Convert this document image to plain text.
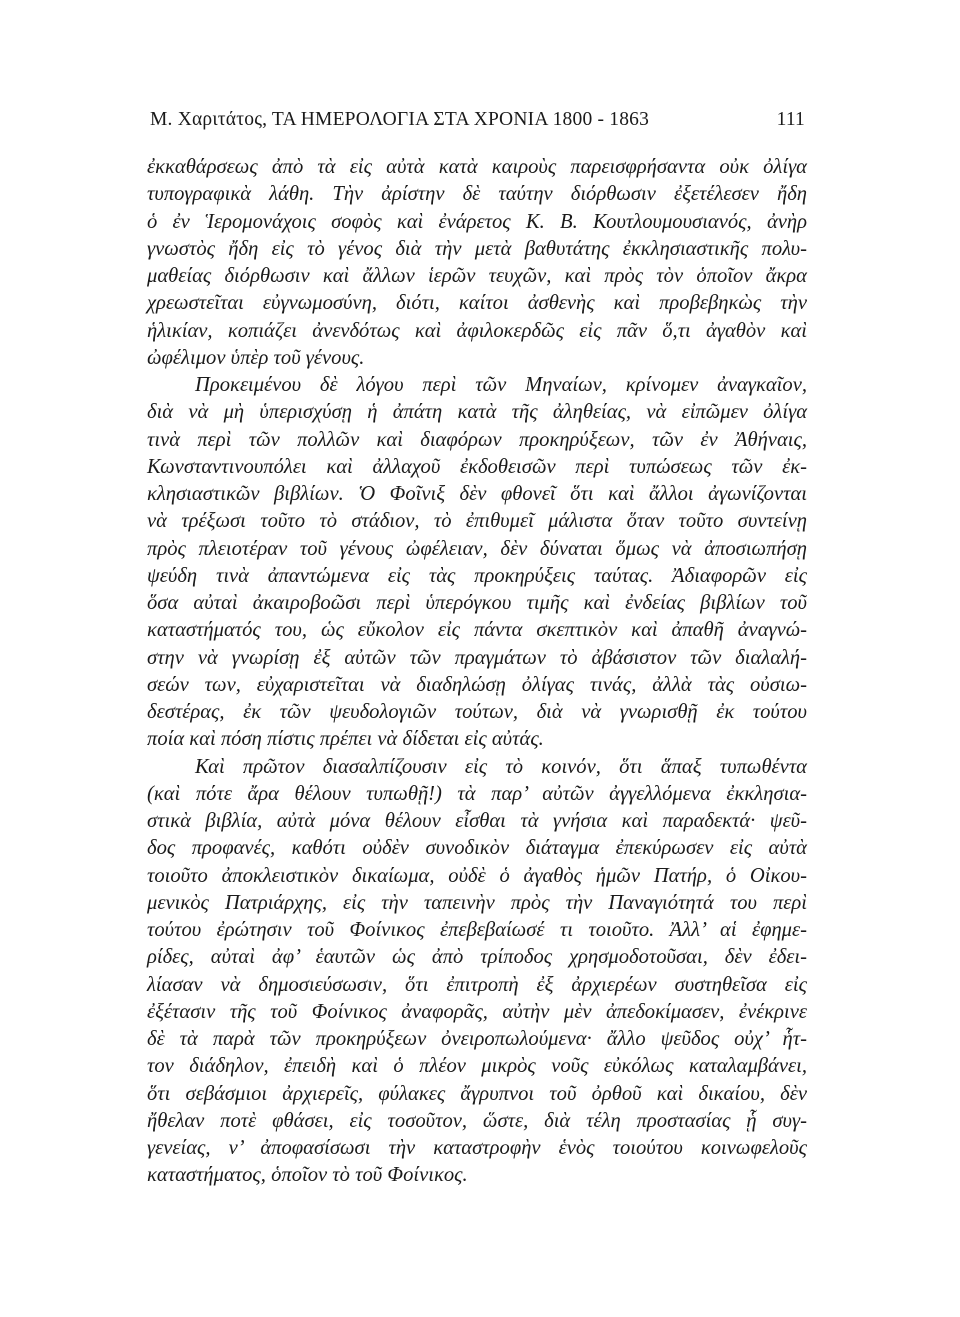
Μ. Χαριτάτος, ΤΑ ΗΜΕΡΟΛΟΓΙΑ ΣΤΑ ΧΡΟΝΙΑ 1800 - 1863	111
ἐκκαθάρσεως ἀπὸ τὰ εἰς αὐτὰ κατὰ καιροὺς παρεισφρήσαντα οὐκ ὀλίγα
τυπογραφικὰ λάθη. Τὴν ἀρίστην δὲ ταύτην διόρθωσιν ἐξετέλεσεν ἤδη
ὁ ἐν Ἱερομονάχοις σοφὸς καὶ ἐνάρετος Κ. Β. Κουτλουμουσιανός, ἀνὴρ
γνωστὸς ἤδη εἰς τὸ γένος διὰ τὴν μετὰ βαθυτάτης ἐκκλησιαστικῆς πολυ-
μαθείας διόρθωσιν καὶ ἄλλων ἱερῶν τευχῶν, καὶ πρὸς τὸν ὁποῖον ἄκρα
χρεωστεῖται εὐγνωμοσύνη, διότι, καίτοι ἀσθενὴς καὶ προβεβηκὼς τὴν
ἡλικίαν, κοπιάζει ἀνενδότως καὶ ἀφιλοκερδῶς εἰς πᾶν ὅ,τι ἀγαθὸν καὶ
ὠφέλιμον ὑπὲρ τοῦ γένους.
Προκειμένου δὲ λόγου περὶ τῶν Μηναίων, κρίνομεν ἀναγκαῖον,
διὰ νὰ μὴ ὑπερισχύσῃ ἡ ἀπάτη κατὰ τῆς ἀληθείας, νὰ εἰπῶμεν ὀλίγα
τινὰ περὶ τῶν πολλῶν καὶ διαφόρων προκηρύξεων, τῶν ἐν Ἀθήναις,
Κωνσταντινουπόλει καὶ ἀλλαχοῦ ἐκδοθεισῶν περὶ τυπώσεως τῶν ἐκ-
κλησιαστικῶν βιβλίων. Ὁ Φοῖνιξ δὲν φθονεῖ ὅτι καὶ ἄλλοι ἀγωνίζονται
νὰ τρέξωσι τοῦτο τὸ στάδιον, τὸ ἐπιθυμεῖ μάλιστα ὅταν τοῦτο συντείνῃ
πρὸς πλειοτέραν τοῦ γένους ὠφέλειαν, δὲν δύναται ὅμως νὰ ἀποσιωπήσῃ
ψεύδη τινὰ ἀπαντώμενα εἰς τὰς προκηρύξεις ταύτας. Ἀδιαφορῶν εἰς
ὅσα αὐταὶ ἀκαιροβοῶσι περὶ ὑπερόγκου τιμῆς καὶ ἐνδείας βιβλίων τοῦ
καταστήματός του, ὡς εὔκολον εἰς πάντα σκεπτικὸν καὶ ἀπαθῆ ἀναγνώ-
στην νὰ γνωρίσῃ ἐξ αὐτῶν τῶν πραγμάτων τὸ ἀβάσιστον τῶν διαλαλή-
σεών των, εὐχαριστεῖται νὰ διαδηλώσῃ ὀλίγας τινάς, ἀλλὰ τὰς οὐσιω-
δεστέρας, ἐκ τῶν ψευδολογιῶν τούτων, διὰ νὰ γνωρισθῇ ἐκ τούτου
ποία καὶ πόση πίστις πρέπει νὰ δίδεται εἰς αὐτάς.
Καὶ πρῶτον διασαλπίζουσιν εἰς τὸ κοινόν, ὅτι ἅπαξ τυπωθέντα
(καὶ πότε ἄρα θέλουν τυπωθῇ!) τὰ παρ’ αὐτῶν ἀγγελλόμενα ἐκκλησια-
στικὰ βιβλία, αὐτὰ μόνα θέλουν εἶσθαι τὰ γνήσια καὶ παραδεκτά· ψεῦ-
δος προφανές, καθότι οὐδὲν συνοδικὸν διάταγμα ἐπεκύρωσεν εἰς αὐτὰ
τοιοῦτο ἀποκλειστικὸν δικαίωμα, οὐδὲ ὁ ἀγαθὸς ἡμῶν Πατήρ, ὁ Οἰκου-
μενικὸς Πατριάρχης, εἰς τὴν ταπεινὴν πρὸς τὴν Παναγιότητά του περὶ
τούτου ἐρώτησιν τοῦ Φοίνικος ἐπεβεβαίωσέ τι τοιοῦτο. Ἀλλ’ αἱ ἐφημε-
ρίδες, αὐταὶ ἀφ’ ἑαυτῶν ὡς ἀπὸ τρίποδος χρησμοδοτοῦσαι, δὲν ἐδει-
λίασαν νὰ δημοσιεύσωσιν, ὅτι ἐπιτροπὴ ἐξ ἀρχιερέων συστηθεῖσα εἰς
ἐξέτασιν τῆς τοῦ Φοίνικος ἀναφορᾶς, αὐτὴν μὲν ἀπεδοκίμασεν, ἐνέκρινε
δὲ τὰ παρὰ τῶν προκηρύξεων ὀνειροπωλούμενα· ἄλλο ψεῦδος οὐχ’ ἧτ-
τον διάδηλον, ἐπειδὴ καὶ ὁ πλέον μικρὸς νοῦς εὐκόλως καταλαμβάνει,
ὅτι σεβάσμιοι ἀρχιερεῖς, φύλακες ἄγρυπνοι τοῦ ὀρθοῦ καὶ δικαίου, δὲν
ἤθελαν ποτὲ φθάσει, εἰς τοσοῦτον, ὥστε, διὰ τέλη προστασίας ᾗ συγ-
γενείας, ν’ ἀποφασίσωσι τὴν καταστροφὴν ἑνὸς τοιούτου κοινωφελοῦς
καταστήματος, ὁποῖον τὸ τοῦ Φοίνικος.
